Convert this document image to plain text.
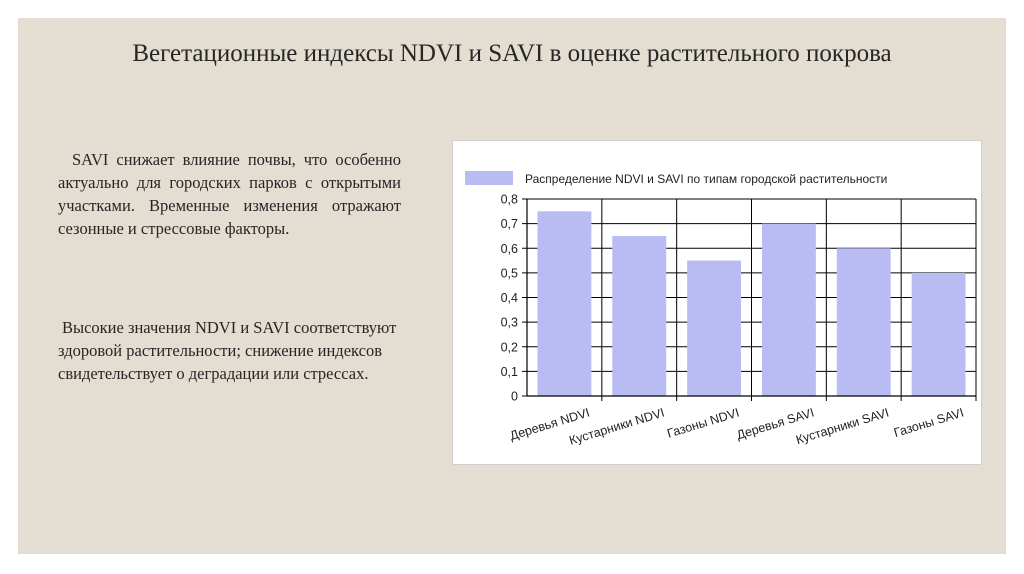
Вегетационные индексы NDVI и SAVI в оценке растительного покрова

SAVI снижает влияние почвы, что особенно актуально для городских парков с открытыми участками. Временные изменения отражают сезонные и стрессовые факторы.

Высокие значения NDVI и SAVI соответствуют здоровой растительности; снижение индексов свидетельствует о деградации или стрессах.

0
0,1
0,2
0,3
0,4
0,5
0,6
0,7
0,8
Деревья NDVI
Кустарники NDVI Газоны NDVI
Деревья SAVI
Кустарники SAVI Газоны SAVI
Распределение NDVI и SAVI по типам городской растительности
